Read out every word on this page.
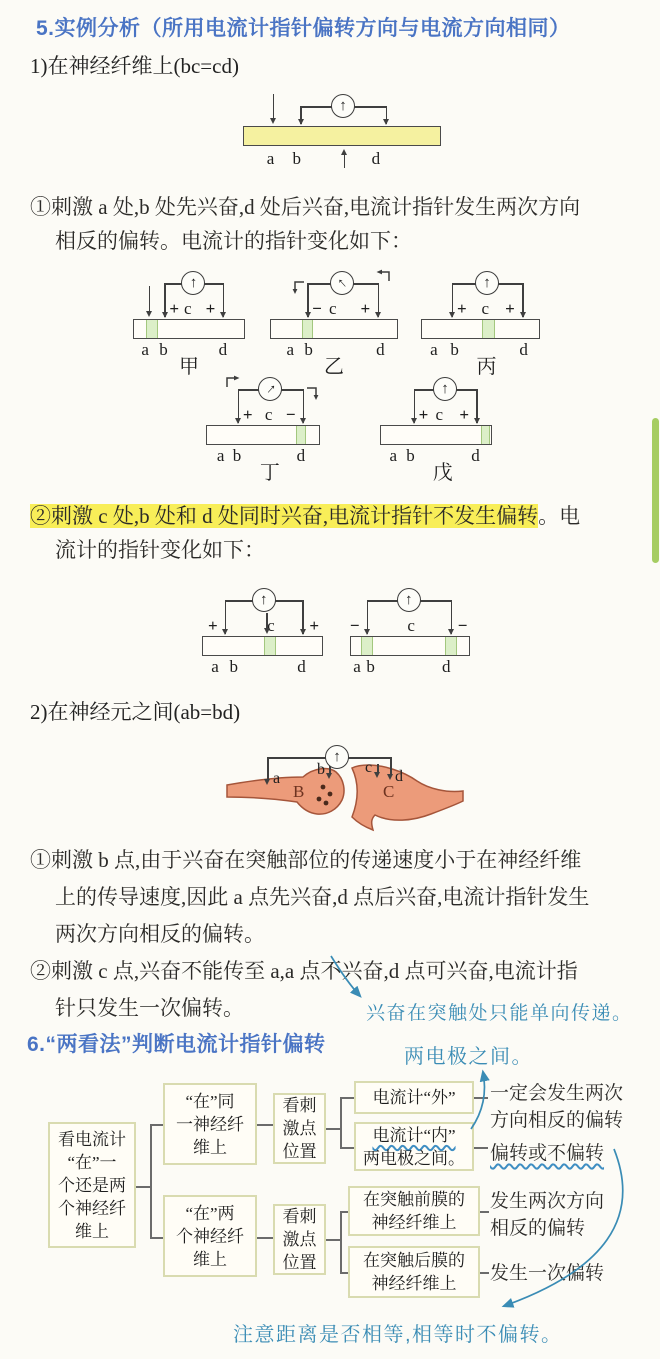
5.实例分析（所用电流计指针偏转方向与电流方向相同）
1)在神经纤维上(bc=cd)
↑
a b	d
↑
+ +
c
a b	d
甲
↑
− +
c
a b	d
乙
↑
+ +
c
a b	d
丙
↑
+ −
c
a b	d
丁
↑
+ +
c
a b	d
戊
↑
+	+
c
a b	d
↑
−	−
c
a b	d
①刺激 a 处,b 处先兴奋,d 处后兴奋,电流计指针发生两次方向
相反的偏转。电流计的指针变化如下：
②刺激 c 处,b 处和 d 处同时兴奋,电流计指针不发生偏转。电
流计的指针变化如下：
2)在神经元之间(ab=bd)
↑
a
b	c
d
B	C
①刺激 b 点,由于兴奋在突触部位的传递速度小于在神经纤维
上的传导速度,因此 a 点先兴奋,d 点后兴奋,电流计指针发生
两次方向相反的偏转。
②刺激 c 点,兴奋不能传至 a,a 点不兴奋,d 点可兴奋,电流计指
针只发生一次偏转。	兴奋在突触处只能单向传递。
两电极之间。
注意距离是否相等,相等时不偏转。
6.“两看法”判断电流计指针偏转
看电流计
“在”一
个还是两
个神经纤
维上
“在”同
一神经纤
维上
看刺
激点
位置
电流计“外”
电流计“内”
两电极之间。
“在”两
个神经纤
维上
看刺
激点
位置
在突触前膜的
神经纤维上
在突触后膜的
神经纤维上
一定会发生两次
方向相反的偏转
偏转或不偏转
发生两次方向
相反的偏转
发生一次偏转
